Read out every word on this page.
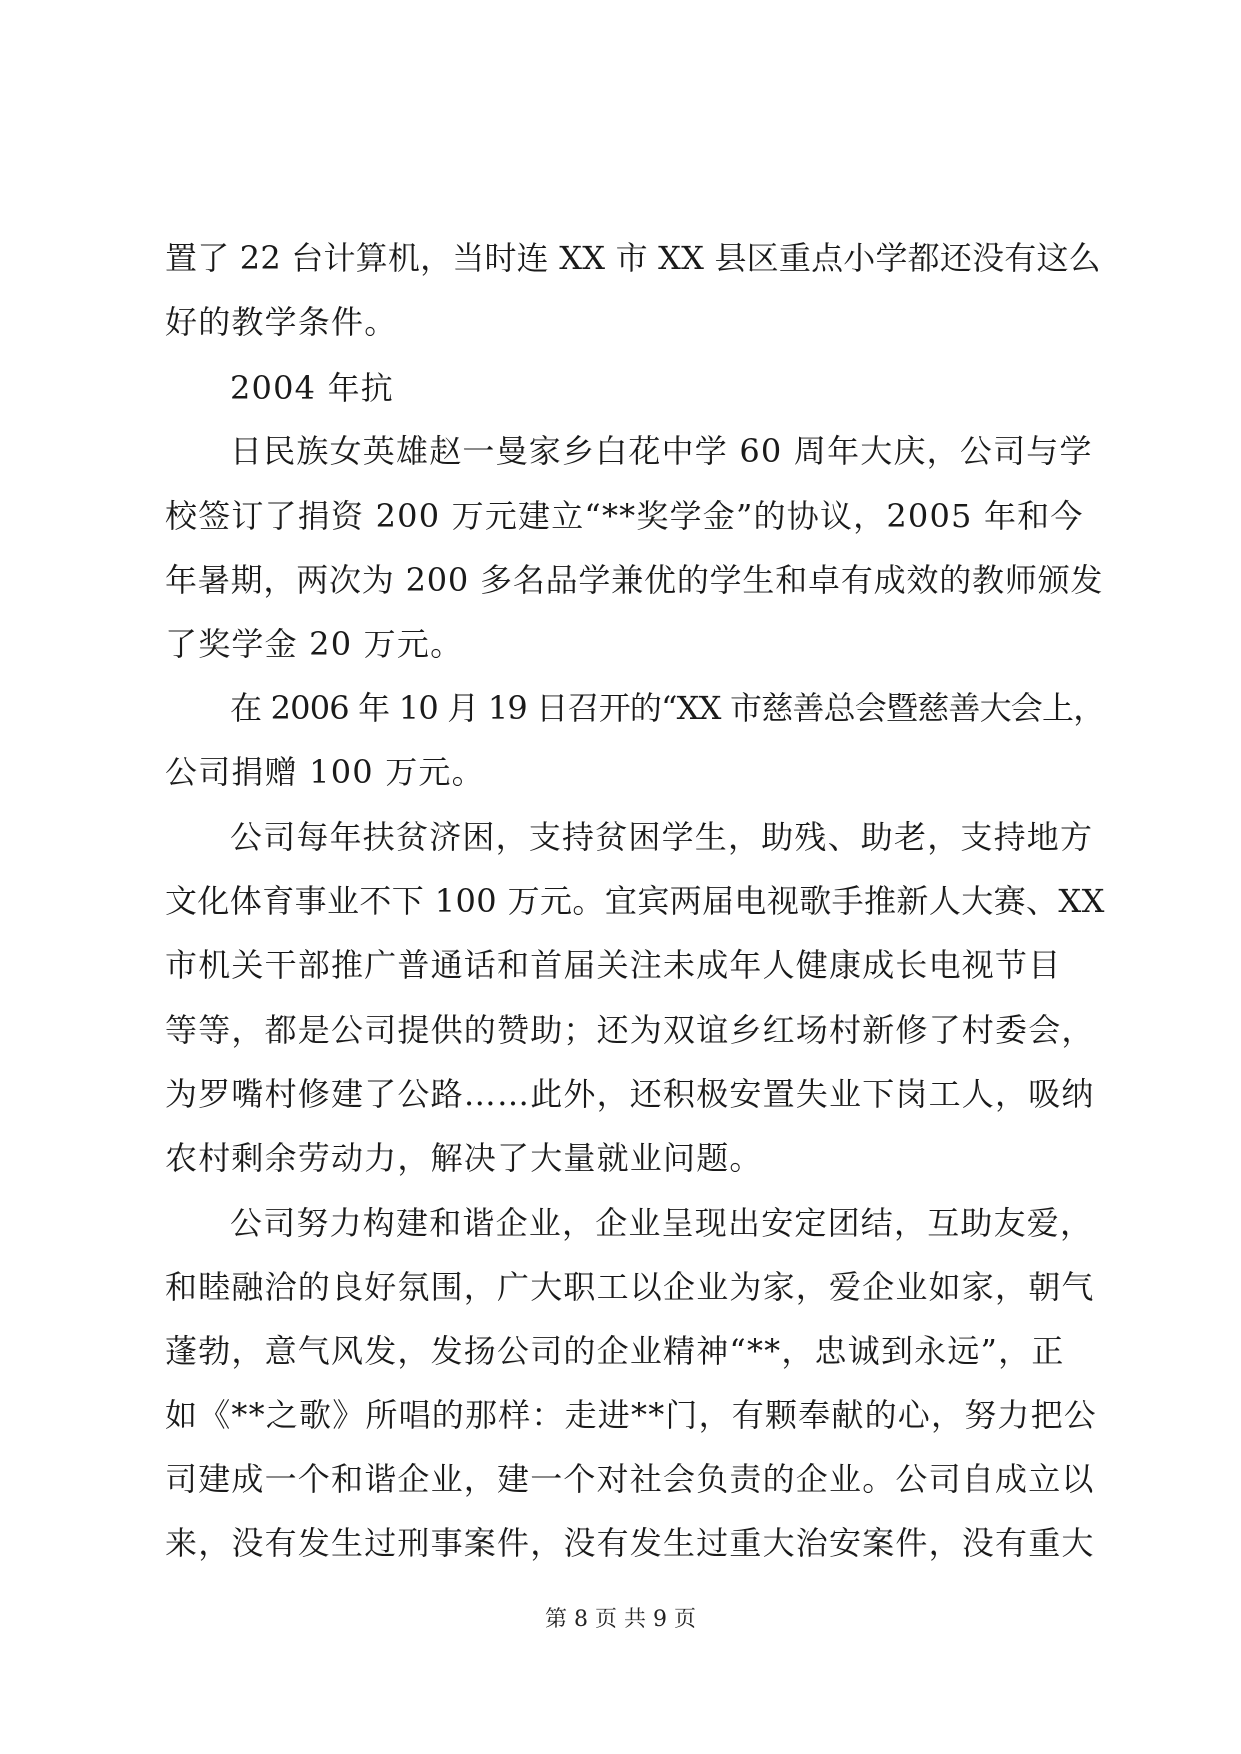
置了 22 台计算机，当时连 XX 市 XX 县区重点小学都还没有这么
好的教学条件。
2004 年抗
日民族女英雄赵一曼家乡白花中学 60 周年大庆，公司与学
校签订了捐资 200 万元建立“**奖学金”的协议，2005 年和今
年暑期，两次为 200 多名品学兼优的学生和卓有成效的教师颁发
了奖学金 20 万元。
在 2006 年 10 月 19 日召开的“XX 市慈善总会暨慈善大会上，
公司捐赠 100 万元。
公司每年扶贫济困，支持贫困学生，助残、助老，支持地方
文化体育事业不下 100 万元。宜宾两届电视歌手推新人大赛、XX
市机关干部推广普通话和首届关注未成年人健康成长电视节目
等等，都是公司提供的赞助；还为双谊乡红场村新修了村委会，
为罗嘴村修建了公路……此外，还积极安置失业下岗工人，吸纳
农村剩余劳动力，解决了大量就业问题。
公司努力构建和谐企业，企业呈现出安定团结，互助友爱，
和睦融洽的良好氛围，广大职工以企业为家，爱企业如家，朝气
蓬勃，意气风发，发扬公司的企业精神“**，忠诚到永远”，正
如《**之歌》所唱的那样：走进**门，有颗奉献的心，努力把公
司建成一个和谐企业，建一个对社会负责的企业。公司自成立以
来，没有发生过刑事案件，没有发生过重大治安案件，没有重大
第 8 页 共 9 页
